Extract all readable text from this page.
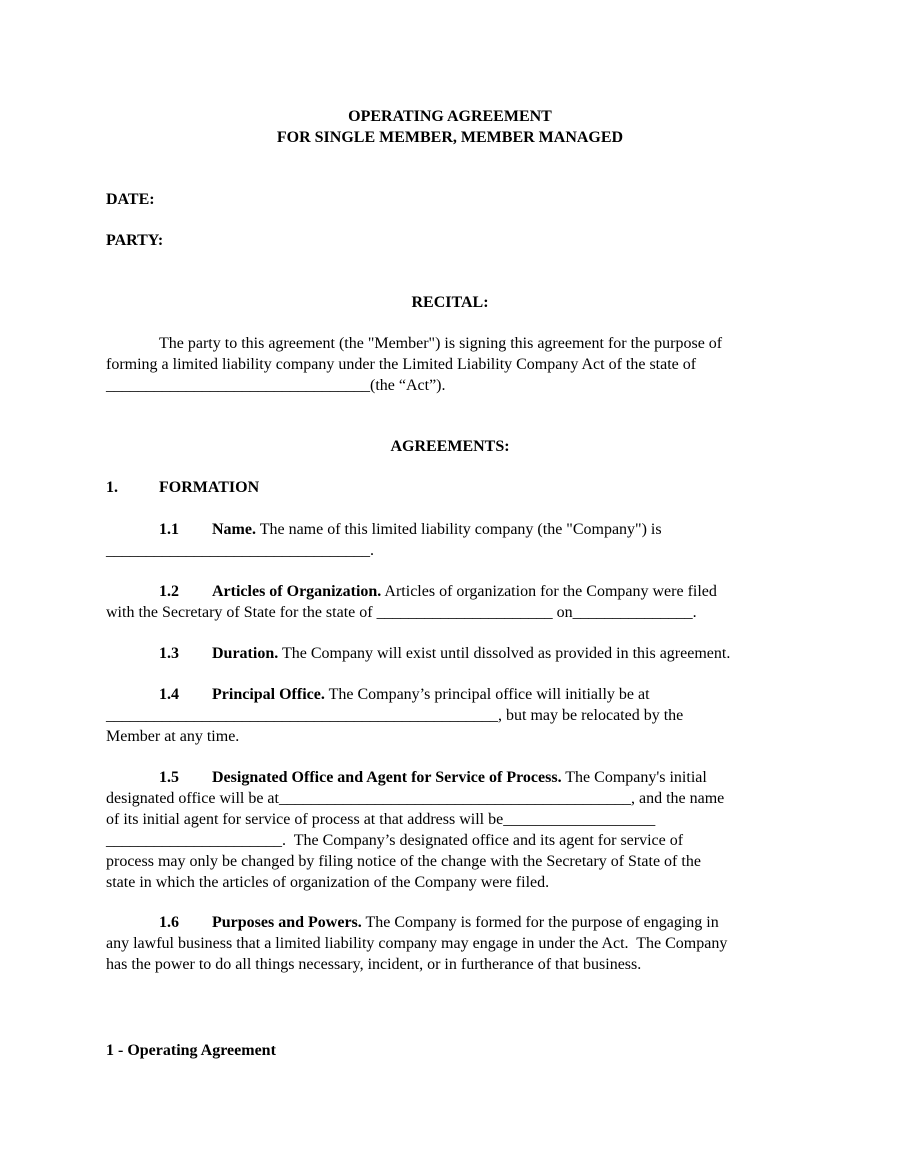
OPERATING AGREEMENT
FOR SINGLE MEMBER, MEMBER MANAGED
DATE:
PARTY:
RECITAL:
The party to this agreement (the "Member") is signing this agreement for the purpose of
forming a limited liability company under the Limited Liability Company Act of the state of
_________________________________(the “Act”).
AGREEMENTS:
1.	FORMATION
1.1 Name. The name of this limited liability company (the "Company") is
_________________________________.
1.2 Articles of Organization. Articles of organization for the Company were filed
with the Secretary of State for the state of ______________________ on_______________.
1.3 Duration. The Company will exist until dissolved as provided in this agreement.
1.4 Principal Office. The Company’s principal office will initially be at
_________________________________________________, but may be relocated by the
Member at any time.
1.5 Designated Office and Agent for Service of Process. The Company's initial
designated office will be at____________________________________________, and the name
of its initial agent for service of process at that address will be___________________
______________________.  The Company’s designated office and its agent for service of
process may only be changed by filing notice of the change with the Secretary of State of the
state in which the articles of organization of the Company were filed.
1.6 Purposes and Powers. The Company is formed for the purpose of engaging in
any lawful business that a limited liability company may engage in under the Act.  The Company
has the power to do all things necessary, incident, or in furtherance of that business.
1 - Operating Agreement
